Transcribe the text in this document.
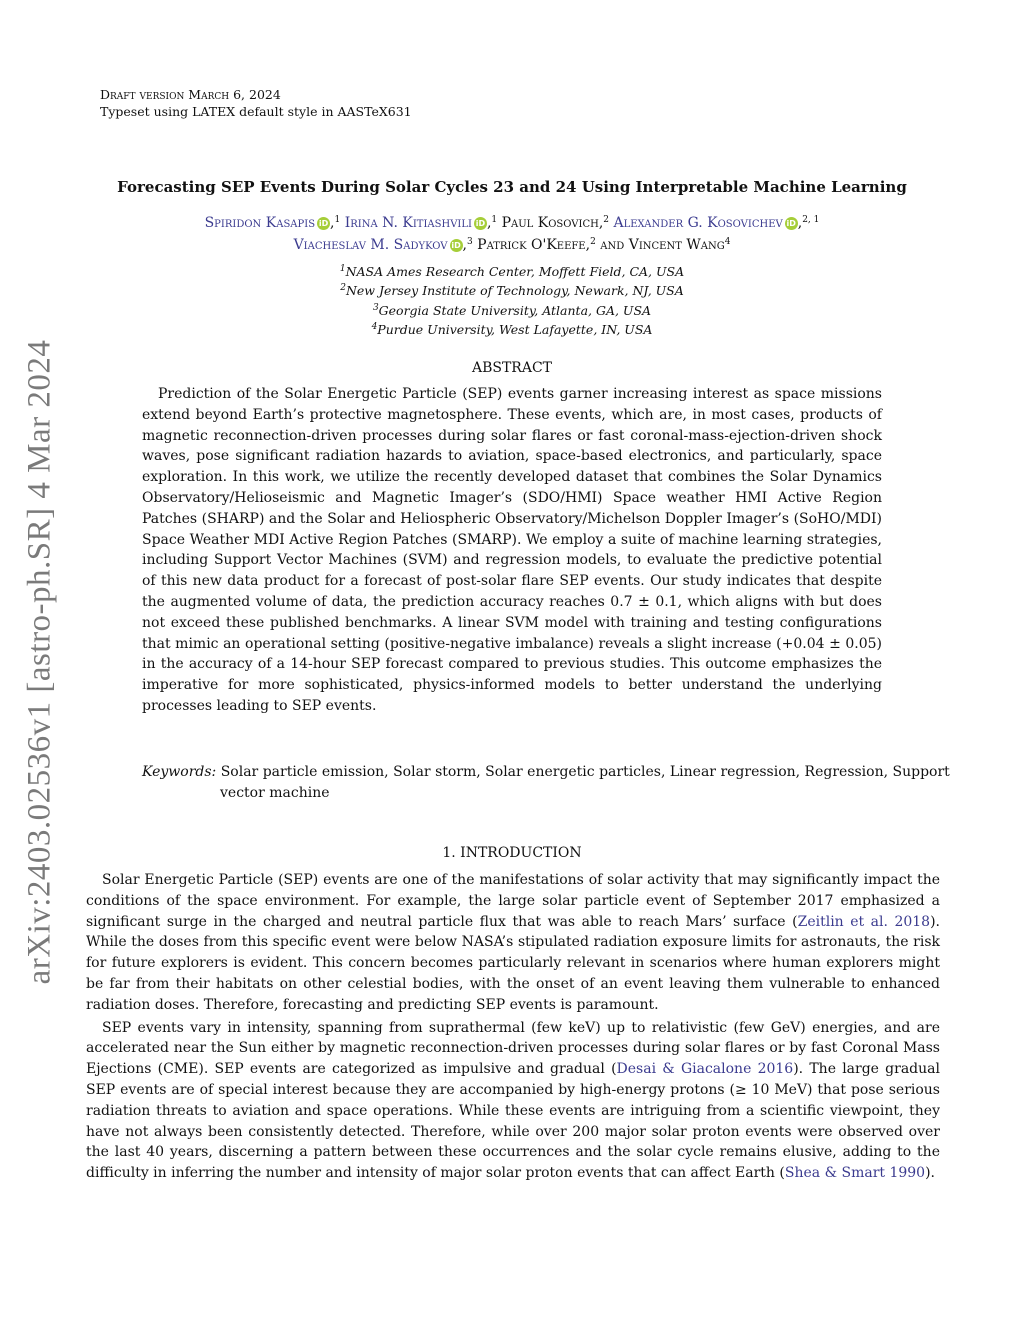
arXiv:2403.02536v1 [astro-ph.SR] 4 Mar 2024
Draft version March 6, 2024
Typeset using LATEX default style in AASTeX631
Forecasting SEP Events During Solar Cycles 23 and 24 Using Interpretable Machine Learning
Spiridon Kasapis iD ,$^1$ Irina N. Kitiashvili iD ,$^1$ Paul Kosovich,$^2$ Alexander G. Kosovichev iD ,$^{2, 1}$
Viacheslav M. Sadykov iD ,$^3$ Patrick O'Keefe,$^2$ and Vincent Wang$^4$
$^1$NASA Ames Research Center, Moffett Field, CA, USA
$^2$New Jersey Institute of Technology, Newark, NJ, USA
$^3$Georgia State University, Atlanta, GA, USA
$^4$Purdue University, West Lafayette, IN, USA
ABSTRACT

Prediction of the Solar Energetic Particle (SEP) events garner increasing interest as space missions extend beyond Earth’s protective magnetosphere. These events, which are, in most cases, products of magnetic reconnection-driven processes during solar flares or fast coronal-mass-ejection-driven shock waves, pose significant radiation hazards to aviation, space-based electronics, and particularly, space exploration. In this work, we utilize the recently developed dataset that combines the Solar Dynamics Observatory/Helioseismic and Magnetic Imager’s (SDO/HMI) Space weather HMI Active Region Patches (SHARP) and the Solar and Heliospheric Observatory/Michelson Doppler Imager’s (SoHO/MDI) Space Weather MDI Active Region Patches (SMARP). We employ a suite of machine learning strategies, including Support Vector Machines (SVM) and regression models, to evaluate the predictive potential of this new data product for a forecast of post-solar flare SEP events. Our study indicates that despite the augmented volume of data, the prediction accuracy reaches 0.7 ± 0.1, which aligns with but does not exceed these published benchmarks. A linear SVM model with training and testing configurations that mimic an operational setting (positive-negative imbalance) reveals a slight increase (+0.04 ± 0.05) in the accuracy of a 14-hour SEP forecast compared to previous studies. This outcome emphasizes the imperative for more sophisticated, physics-informed models to better understand the underlying processes leading to SEP events.

Keywords: Solar particle emission, Solar storm, Solar energetic particles, Linear regression, Regression, Support vector machine

1. INTRODUCTION

Solar Energetic Particle (SEP) events are one of the manifestations of solar activity that may significantly impact the conditions of the space environment. For example, the large solar particle event of September 2017 emphasized a significant surge in the charged and neutral particle flux that was able to reach Mars’ surface (Zeitlin et al. 2018). While the doses from this specific event were below NASA’s stipulated radiation exposure limits for astronauts, the risk for future explorers is evident. This concern becomes particularly relevant in scenarios where human explorers might be far from their habitats on other celestial bodies, with the onset of an event leaving them vulnerable to enhanced radiation doses. Therefore, forecasting and predicting SEP events is paramount.

SEP events vary in intensity, spanning from suprathermal (few keV) up to relativistic (few GeV) energies, and are accelerated near the Sun either by magnetic reconnection-driven processes during solar flares or by fast Coronal Mass Ejections (CME). SEP events are categorized as impulsive and gradual (Desai & Giacalone 2016). The large gradual SEP events are of special interest because they are accompanied by high-energy protons (≥ 10 MeV) that pose serious radiation threats to aviation and space operations. While these events are intriguing from a scientific viewpoint, they have not always been consistently detected. Therefore, while over 200 major solar proton events were observed over the last 40 years, discerning a pattern between these occurrences and the solar cycle remains elusive, adding to the difficulty in inferring the number and intensity of major solar proton events that can affect Earth (Shea & Smart 1990).
